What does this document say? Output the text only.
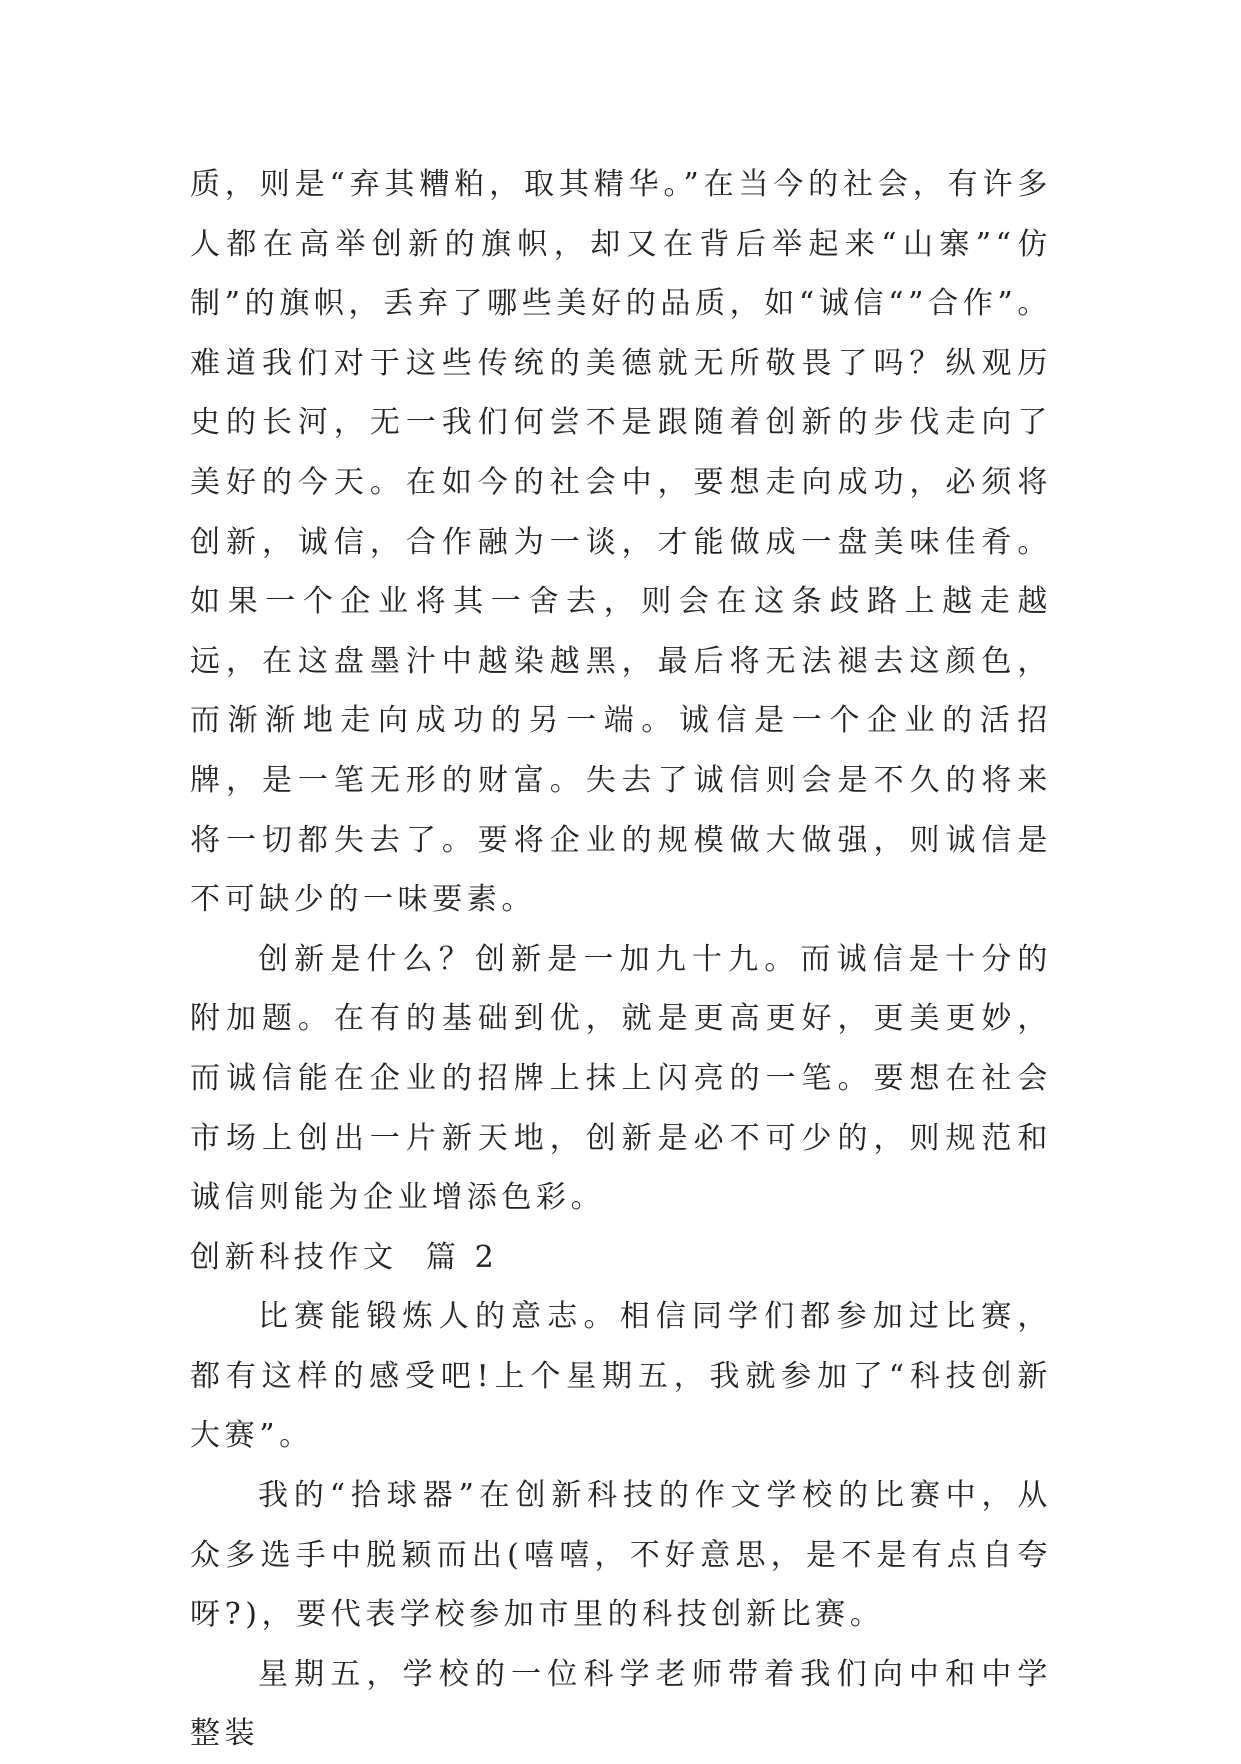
质，则是“弃其糟粕，取其精华。”在当今的社会，有许多人都在高举创新的旗帜，却又在背后举起来“山寨”“仿制”的旗帜，丢弃了哪些美好的品质，如“诚信“”合作”。难道我们对于这些传统的美德就无所敬畏了吗？纵观历史的长河，无一我们何尝不是跟随着创新的步伐走向了美好的今天。在如今的社会中，要想走向成功，必须将创新，诚信，合作融为一谈，才能做成一盘美味佳肴。如果一个企业将其一舍去，则会在这条歧路上越走越远，在这盘墨汁中越染越黑，最后将无法褪去这颜色，而渐渐地走向成功的另一端。诚信是一个企业的活招牌，是一笔无形的财富。失去了诚信则会是不久的将来将一切都失去了。要将企业的规模做大做强，则诚信是不可缺少的一味要素。

创新是什么？创新是一加九十九。而诚信是十分的附加题。在有的基础到优，就是更高更好，更美更妙，而诚信能在企业的招牌上抹上闪亮的一笔。要想在社会市场上创出一片新天地，创新是必不可少的，则规范和诚信则能为企业增添色彩。

创新科技作文  篇 2

比赛能锻炼人的意志。相信同学们都参加过比赛，都有这样的感受吧!上个星期五，我就参加了“科技创新大赛”。

我的“拾球器”在创新科技的作文学校的比赛中，从众多选手中脱颖而出(嘻嘻，不好意思，是不是有点自夸呀?)，要代表学校参加市里的科技创新比赛。

星期五，学校的一位科学老师带着我们向中和中学整装
